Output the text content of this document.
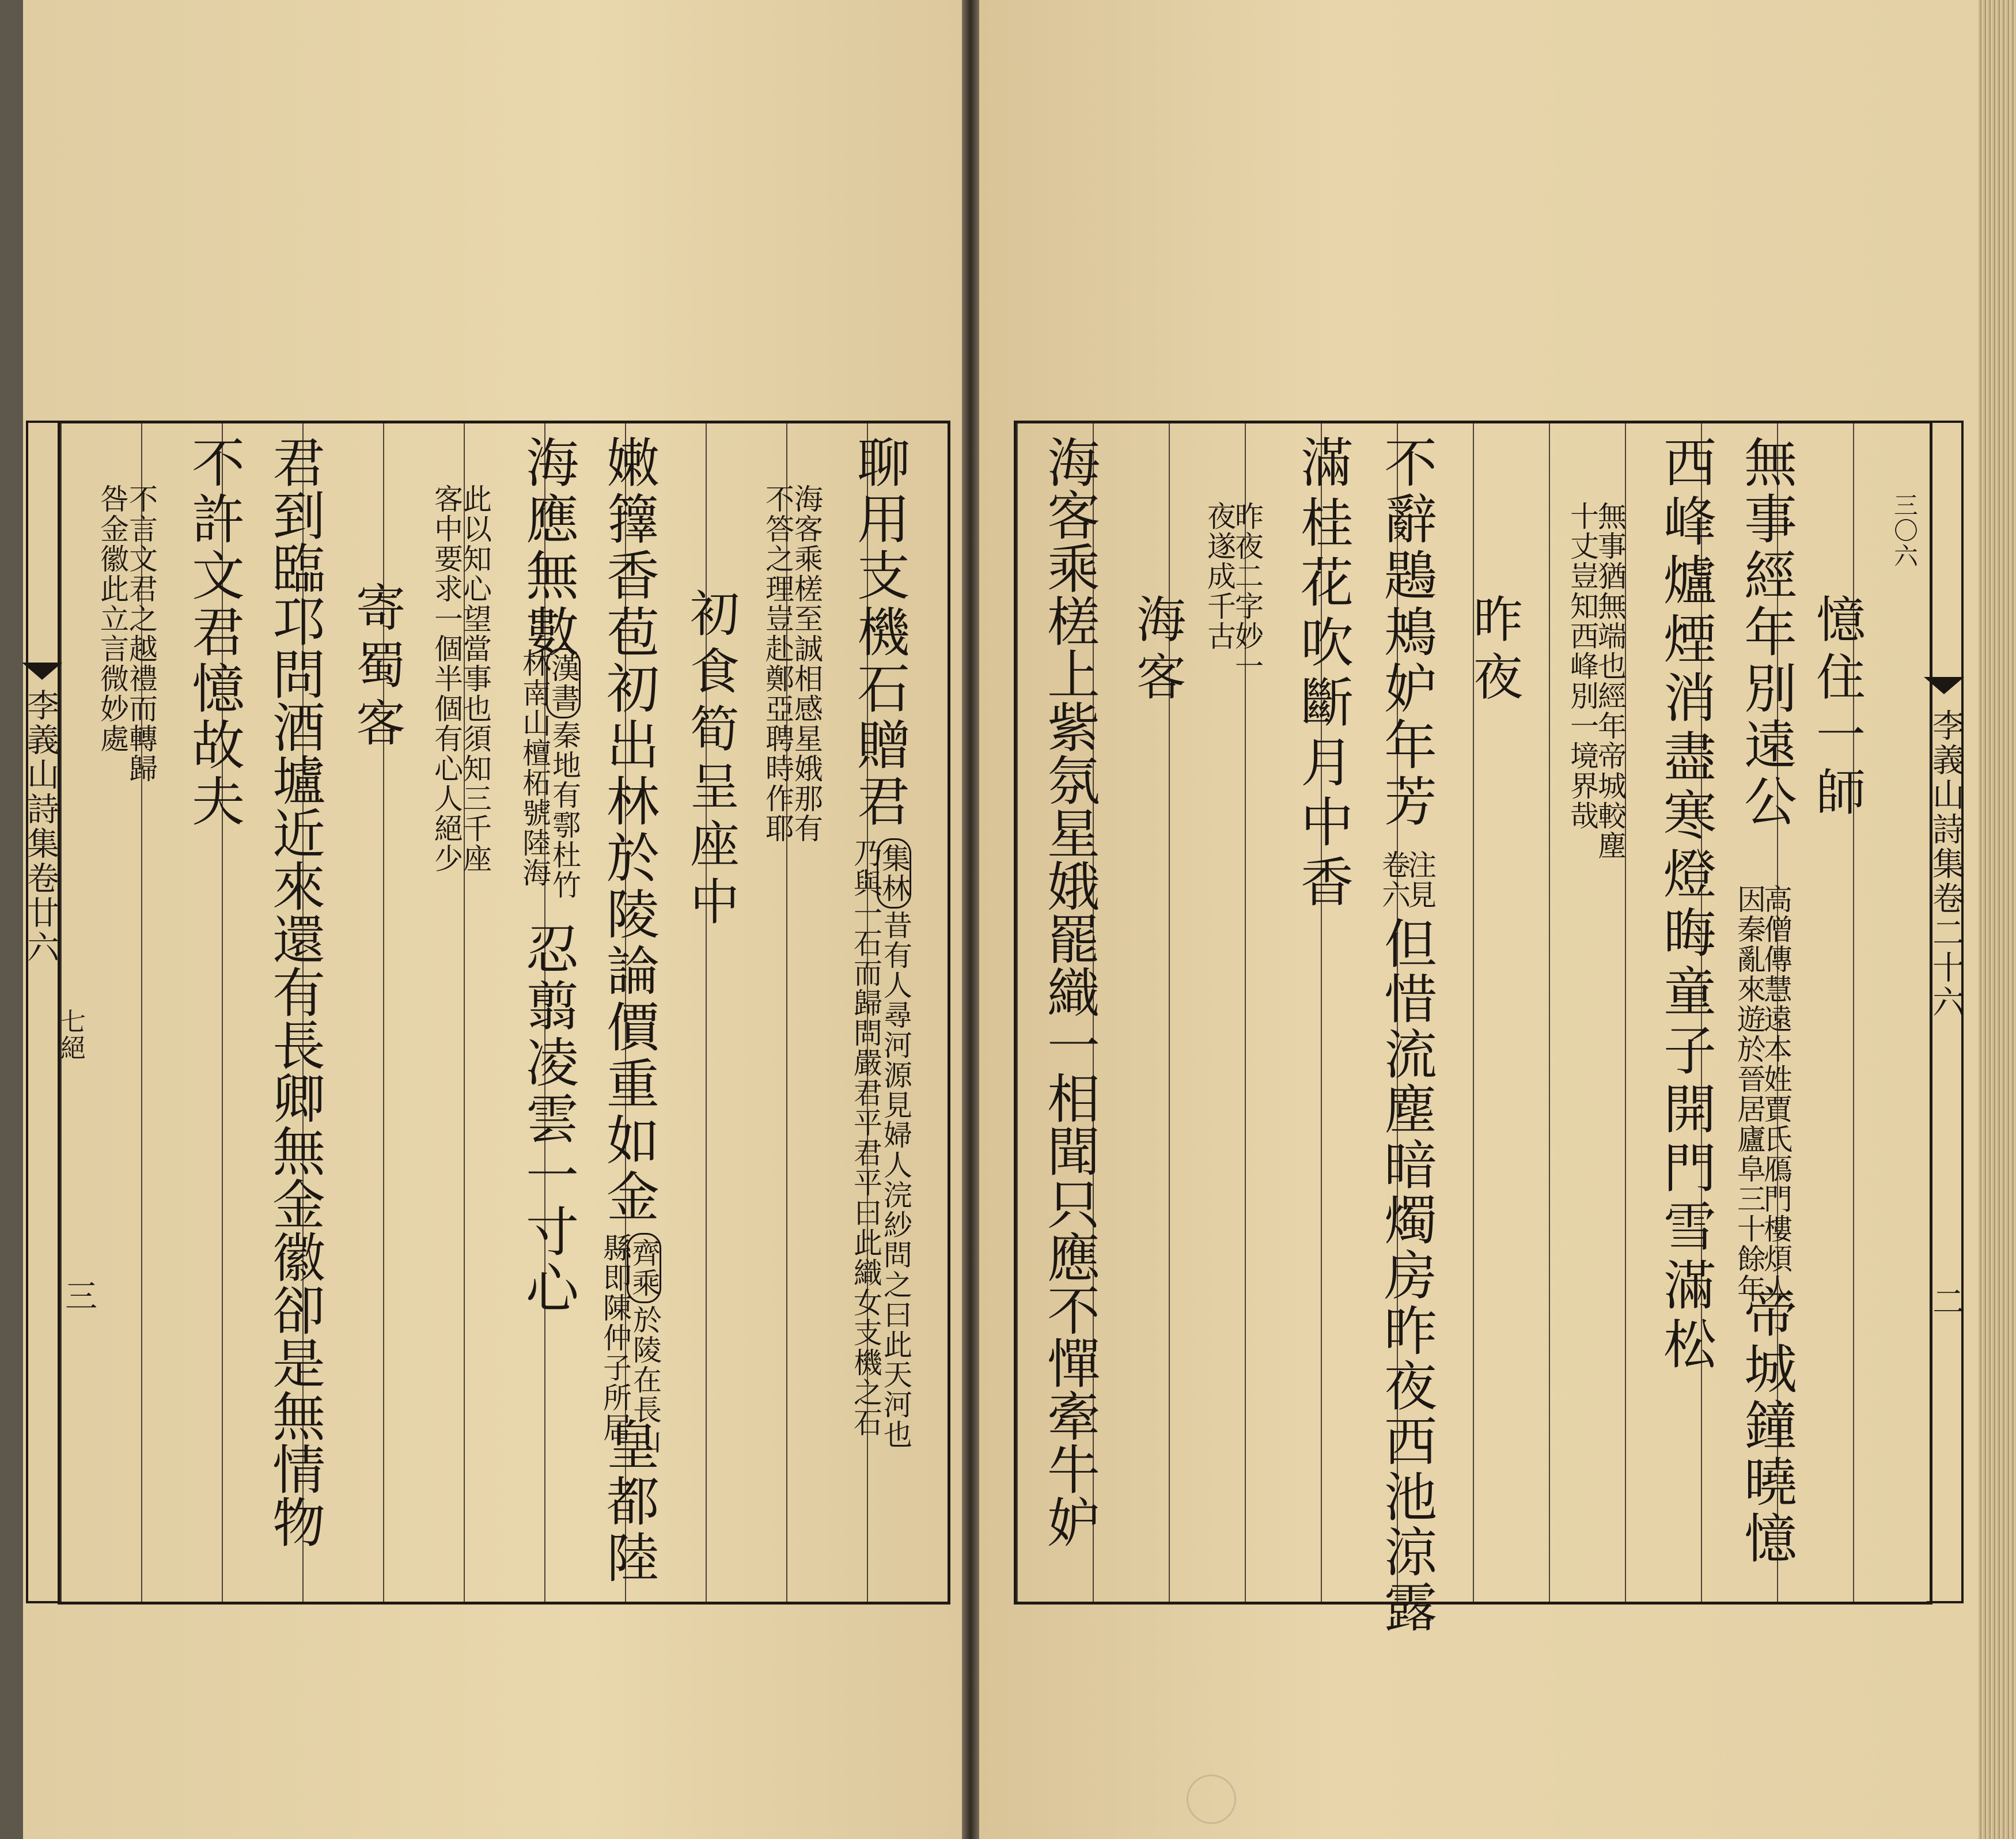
李義山詩集卷二十六
二
三〇六
憶住一師
無事經年別遠公
高僧傳慧遠本姓賈氏鴈門樓煩人
因秦亂來遊於晉居廬阜三十餘年
帝城鐘曉憶
西峰爐煙消盡寒燈晦童子開門雪滿松
無事猶無端也經年帝城較塵
十丈豈知西峰別一境界哉
昨夜
不辭鶗鴂妒年芳
注見
卷六
但惜流塵暗燭房昨夜西池涼露
滿桂花吹斷月中香
昨夜二字妙一
夜遂成千古
海客
海客乘槎上紫氛星娥罷織一相聞只應不憚牽牛妒
李義山詩集卷廿六
七絕
三
聊用支機石贈君
集林
昔有人尋河源見婦人浣紗問之曰此天河也
乃與一石而歸問嚴君平君平曰此織女支機之石
海客乘槎至誠相感星娥那有
不答之理豈赴鄭亞聘時作耶
初食筍呈座中
嫩籜香苞初出林於陵論價重如金
齊乘
於陵在長山
縣即陳仲子所居
皇都陸
海應無數
漢書
秦地有鄠杜竹
林南山檀柘號陸海
忍翦凌雲一寸心
此以知心望當事也須知三千座
客中要求一個半個有心人絕少
寄蜀客
君到臨邛問酒壚近來還有長卿無金徽卻是無情物
不許文君憶故夫
不言文君之越禮而轉歸
咎金徽此立言微妙處
